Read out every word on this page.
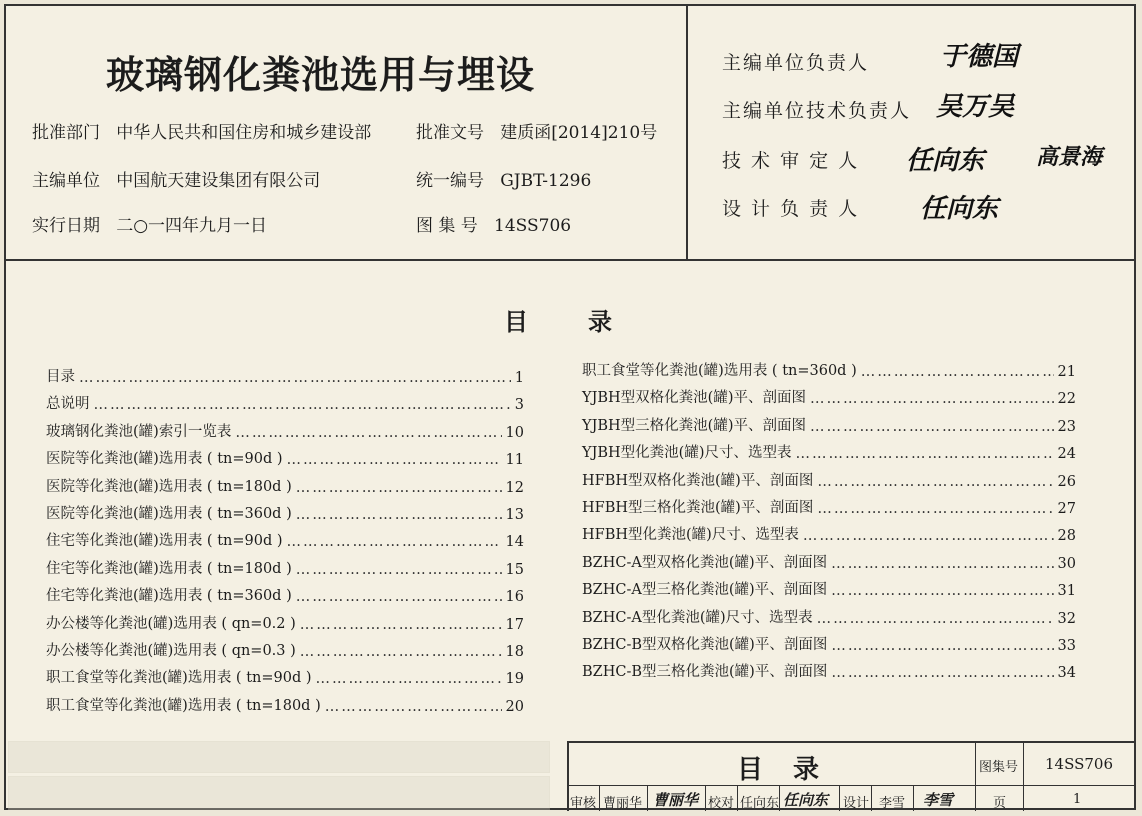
玻璃钢化粪池选用与埋设
批准部门 中华人民共和国住房和城乡建设部	批准文号 建质函[2014]210号
主编单位 中国航天建设集团有限公司	统一编号 GJBT-1296
实行日期 二○一四年九月一日	图 集 号 14SS706
主编单位负责人	于德国
主编单位技术负责人 吴万吴
技 术 审 定 人 任向东 高景海
设 计 负 责 人 任向东
目录
目录 ………………………………………………………………………………………………………………………………	1
总说明 ………………………………………………………………………………………………………………………………	3
玻璃钢化粪池(罐)索引一览表 ………………………………………………………………………………………………………………………………	10
医院等化粪池(罐)选用表 ( tn=90d ) ………………………………………………………………………………………………………………………………	11
医院等化粪池(罐)选用表 ( tn=180d ) ………………………………………………………………………………………………………………………………	12
医院等化粪池(罐)选用表 ( tn=360d ) ………………………………………………………………………………………………………………………………	13
住宅等化粪池(罐)选用表 ( tn=90d ) ………………………………………………………………………………………………………………………………	14
住宅等化粪池(罐)选用表 ( tn=180d ) ………………………………………………………………………………………………………………………………	15
住宅等化粪池(罐)选用表 ( tn=360d ) ………………………………………………………………………………………………………………………………	16
办公楼等化粪池(罐)选用表 ( qn=0.2 ) ………………………………………………………………………………………………………………………………	17
办公楼等化粪池(罐)选用表 ( qn=0.3 ) ………………………………………………………………………………………………………………………………	18
职工食堂等化粪池(罐)选用表 ( tn=90d ) ………………………………………………………………………………………………………………………………	19
职工食堂等化粪池(罐)选用表 ( tn=180d ) ………………………………………………………………………………………………………………………………	20
职工食堂等化粪池(罐)选用表 ( tn=360d ) ………………………………………………………………………………………………………………………………	21
YJBH型双格化粪池(罐)平、剖面图 ………………………………………………………………………………………………………………………………	22
YJBH型三格化粪池(罐)平、剖面图 ………………………………………………………………………………………………………………………………	23
YJBH型化粪池(罐)尺寸、选型表 ………………………………………………………………………………………………………………………………	24
HFBH型双格化粪池(罐)平、剖面图 ………………………………………………………………………………………………………………………………	26
HFBH型三格化粪池(罐)平、剖面图 ………………………………………………………………………………………………………………………………	27
HFBH型化粪池(罐)尺寸、选型表 ………………………………………………………………………………………………………………………………	28
BZHC-A型双格化粪池(罐)平、剖面图 ………………………………………………………………………………………………………………………………	30
BZHC-A型三格化粪池(罐)平、剖面图 ………………………………………………………………………………………………………………………………	31
BZHC-A型化粪池(罐)尺寸、选型表 ………………………………………………………………………………………………………………………………	32
BZHC-B型双格化粪池(罐)平、剖面图 ………………………………………………………………………………………………………………………………	33
BZHC-B型三格化粪池(罐)平、剖面图 ………………………………………………………………………………………………………………………………	34
目录	图集号 14SS706
审核 曹丽华 曹丽华 校对 任向东 任向东 设计 李雪 李雪	页	1
